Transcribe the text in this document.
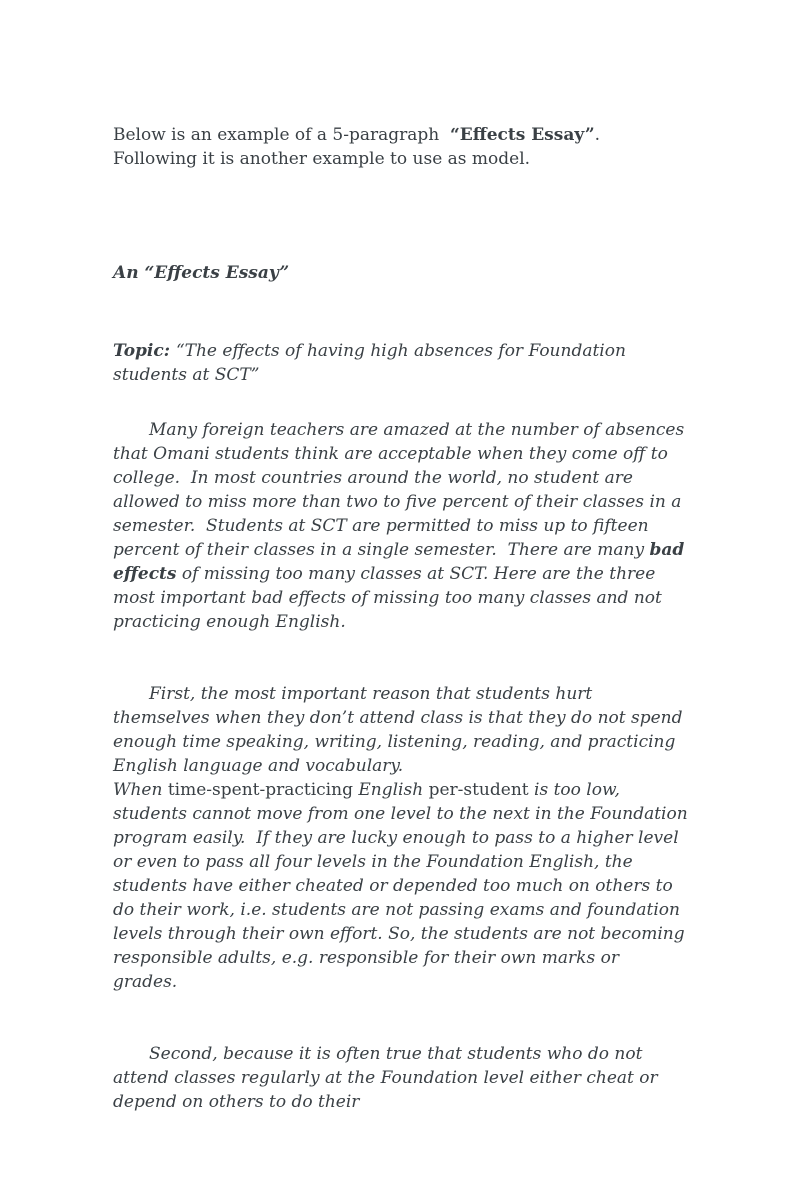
Below is an example of a 5-paragraph  “Effects Essay”.  Following it is another example to use as model.

An “Effects Essay”

Topic: “The effects of having high absences for Foundation students at SCT”

Many foreign teachers are amazed at the number of absences that Omani students think are acceptable when they come off to college.  In most countries around the world, no student are allowed to miss more than two to five percent of their classes in a semester.  Students at SCT are permitted to miss up to fifteen percent of their classes in a single semester.  There are many bad effects of missing too many classes at SCT. Here are the three most important bad effects of missing too many classes and not practicing enough English.

First, the most important reason that students hurt themselves when they don’t attend class is that they do not spend enough time speaking, writing, listening, reading, and practicing English language and vocabulary.
When time-spent-practicing English per-student is too low, students cannot move from one level to the next in the Foundation program easily.  If they are lucky enough to pass to a higher level or even to pass all four levels in the Foundation English, the students have either cheated or depended too much on others to do their work, i.e. students are not passing exams and foundation levels through their own effort. So, the students are not becoming responsible adults, e.g. responsible for their own marks or grades.

Second, because it is often true that students who do not attend classes regularly at the Foundation level either cheat or depend on others to do their
